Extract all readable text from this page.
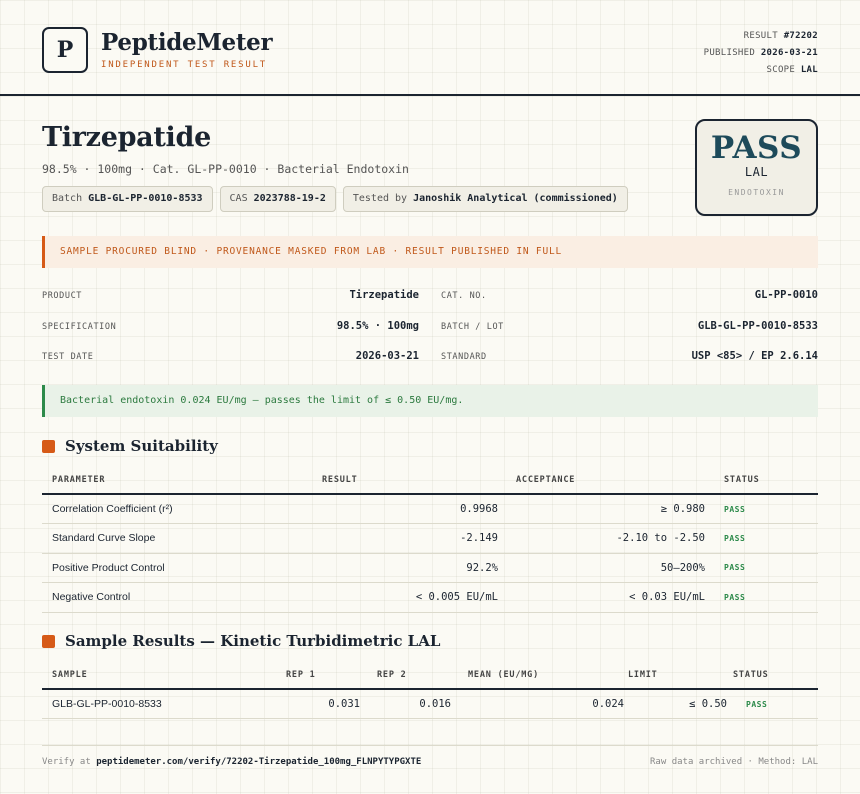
P PeptideMeter
INDEPENDENT TEST RESULT
RESULT #72202
PUBLISHED 2026-03-21
SCOPE LAL
Tirzepatide
98.5% · 100mg · Cat. GL-PP-0010 · Bacterial Endotoxin
Batch GLB-GL-PP-0010-8533	CAS 2023788-19-2	Tested by Janoshik Analytical (commissioned)
PASS
LAL
ENDOTOXIN
SAMPLE PROCURED BLIND · PROVENANCE MASKED FROM LAB · RESULT PUBLISHED IN FULL
PRODUCT	Tirzepatide	CAT. NO.	GL-PP-0010
SPECIFICATION	98.5% · 100mg	BATCH / LOT	GLB-GL-PP-0010-8533
TEST DATE	2026-03-21	STANDARD	USP <85> / EP 2.6.14
Bacterial endotoxin 0.024 EU/mg — passes the limit of ≤ 0.50 EU/mg.
System Suitability
PARAMETER	RESULT	ACCEPTANCE	STATUS
Correlation Coefficient (r²)	0.9968	≥ 0.980	PASS
Standard Curve Slope	-2.149	-2.10 to -2.50	PASS
Positive Product Control	92.2%	50–200%	PASS
Negative Control	< 0.005 EU/mL	< 0.03 EU/mL	PASS
Sample Results — Kinetic Turbidimetric LAL
SAMPLE	REP 1	REP 2	MEAN (EU/MG)	LIMIT	STATUS
GLB-GL-PP-0010-8533	0.031	0.016	0.024	≤ 0.50	PASS
Verify at peptidemeter.com/verify/72202-Tirzepatide_100mg_FLNPYTYPGXTE	Raw data archived · Method: LAL
